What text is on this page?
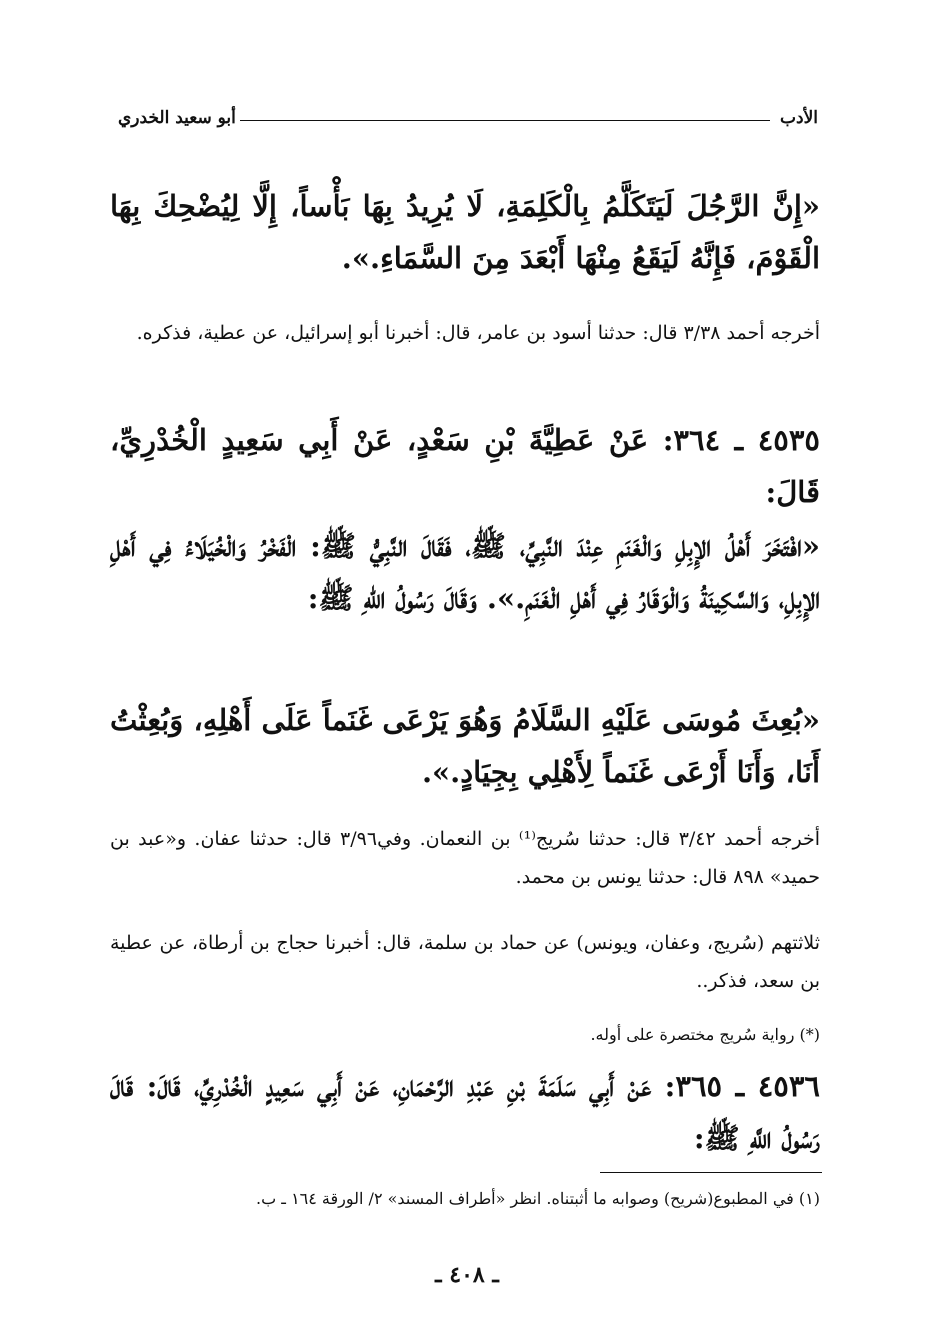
الأدب
أبو سعيد الخدري
«إِنَّ الرَّجُلَ لَيَتَكَلَّمُ بِالْكَلِمَةِ، لَا يُرِيدُ بِهَا بَأْساً، إِلَّا لِيُضْحِكَ بِهَا الْقَوْمَ، فَإِنَّهُ لَيَقَعُ مِنْهَا أَبْعَدَ مِنَ السَّمَاءِ.».
أخرجه أحمد ٣/٣٨ قال: حدثنا أسود بن عامر، قال: أخبرنا أبو إسرائيل، عن عطية، فذكره.
٤٥٣٥ ـ ٣٦٤: عَنْ عَطِيَّةَ بْنِ سَعْدٍ، عَنْ أَبِي سَعِيدٍ الْخُدْرِيِّ، قَالَ:
«افْتَخَرَ أَهْلُ الإِبِلِ وَالْغَنَمِ عِنْدَ النَّبِيِّ، ﷺ، فَقَالَ النَّبِيُّ ﷺ: الْفَخْرُ وَالْخُيَلَاءُ فِي أَهْلِ الإِبِلِ، وَالسَّكِينَةُ وَالْوَقَارُ فِي أَهْلِ الْغَنَمِ.». وَقَالَ رَسُولُ اللهِ ﷺ:
«بُعِثَ مُوسَى عَلَيْهِ السَّلَامُ وَهُوَ يَرْعَى غَنَماً عَلَى أَهْلِهِ، وَبُعِثْتُ أَنَا، وَأَنَا أَرْعَى غَنَماً لِأَهْلِي بِجِيَادٍ.».
أخرجه أحمد ٣/٤٢ قال: حدثنا سُريج⁽¹⁾ بن النعمان. وفي٣/٩٦ قال: حدثنا عفان. و«عبد بن حميد» ٨٩٨ قال: حدثنا يونس بن محمد.
ثلاثتهم (سُريج، وعفان، ويونس) عن حماد بن سلمة، قال: أخبرنا حجاج بن أرطاة، عن عطية بن سعد، فذكر..
(*) رواية سُريج مختصرة على أوله.
٤٥٣٦ ـ ٣٦٥: عَنْ أَبِي سَلَمَةَ بْنِ عَبْدِ الرَّحْمَانِ، عَنْ أَبِي سَعِيدٍ الْخُدْرِيِّ، قَالَ: قَالَ رَسُولُ اللَّهِ ﷺ:
(١) في المطبوع(شريح) وصوابه ما أثبتناه. انظر «أطراف المسند» ٢/ الورقة ١٦٤ ـ ب.
ـ ٤٠٨ ـ
